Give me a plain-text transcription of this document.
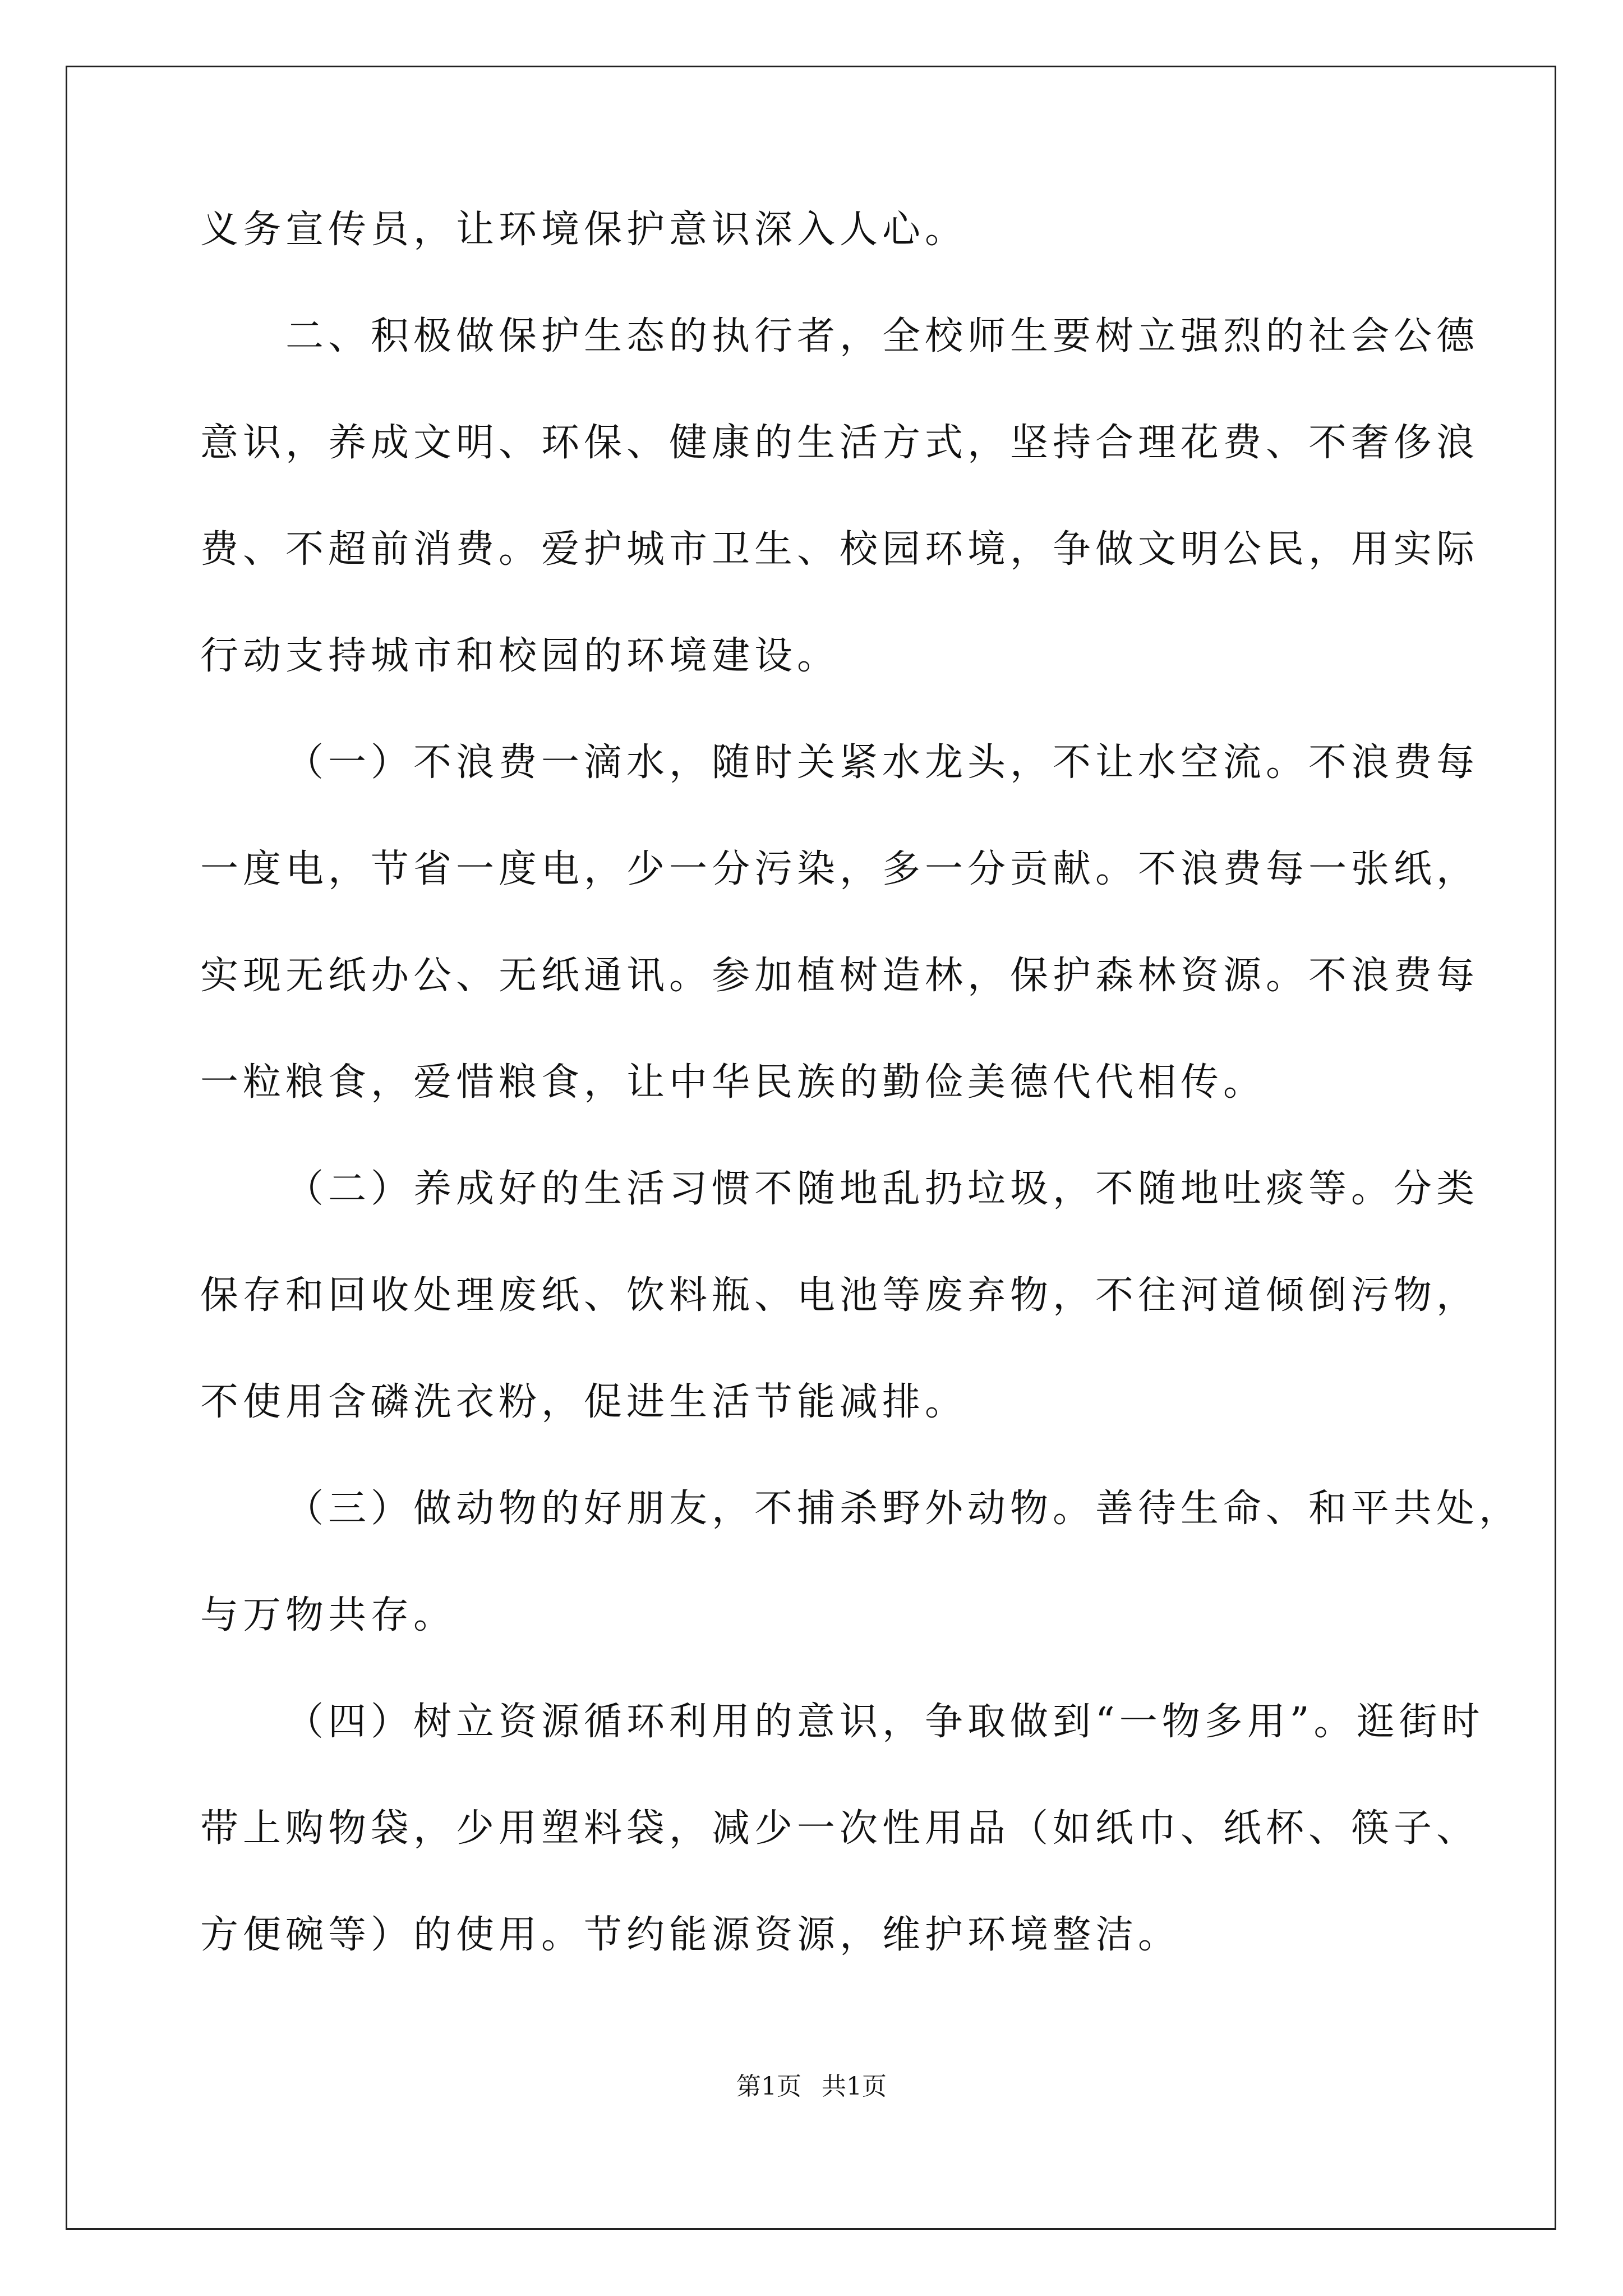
义务宣传员，让环境保护意识深入人心。
二、积极做保护生态的执行者，全校师生要树立强烈的社会公德
意识，养成文明、环保、健康的生活方式，坚持合理花费、不奢侈浪
费、不超前消费。爱护城市卫生、校园环境，争做文明公民，用实际
行动支持城市和校园的环境建设。
（一）不浪费一滴水，随时关紧水龙头，不让水空流。不浪费每
一度电，节省一度电，少一分污染，多一分贡献。不浪费每一张纸，
实现无纸办公、无纸通讯。参加植树造林，保护森林资源。不浪费每
一粒粮食，爱惜粮食，让中华民族的勤俭美德代代相传。
（二）养成好的生活习惯不随地乱扔垃圾，不随地吐痰等。分类
保存和回收处理废纸、饮料瓶、电池等废弃物，不往河道倾倒污物，
不使用含磷洗衣粉，促进生活节能减排。
（三）做动物的好朋友，不捕杀野外动物。善待生命、和平共处，
与万物共存。
（四）树立资源循环利用的意识，争取做到“一物多用”。逛街时
带上购物袋，少用塑料袋，减少一次性用品（如纸巾、纸杯、筷子、
方便碗等）的使用。节约能源资源，维护环境整洁。
第1页 共1页
